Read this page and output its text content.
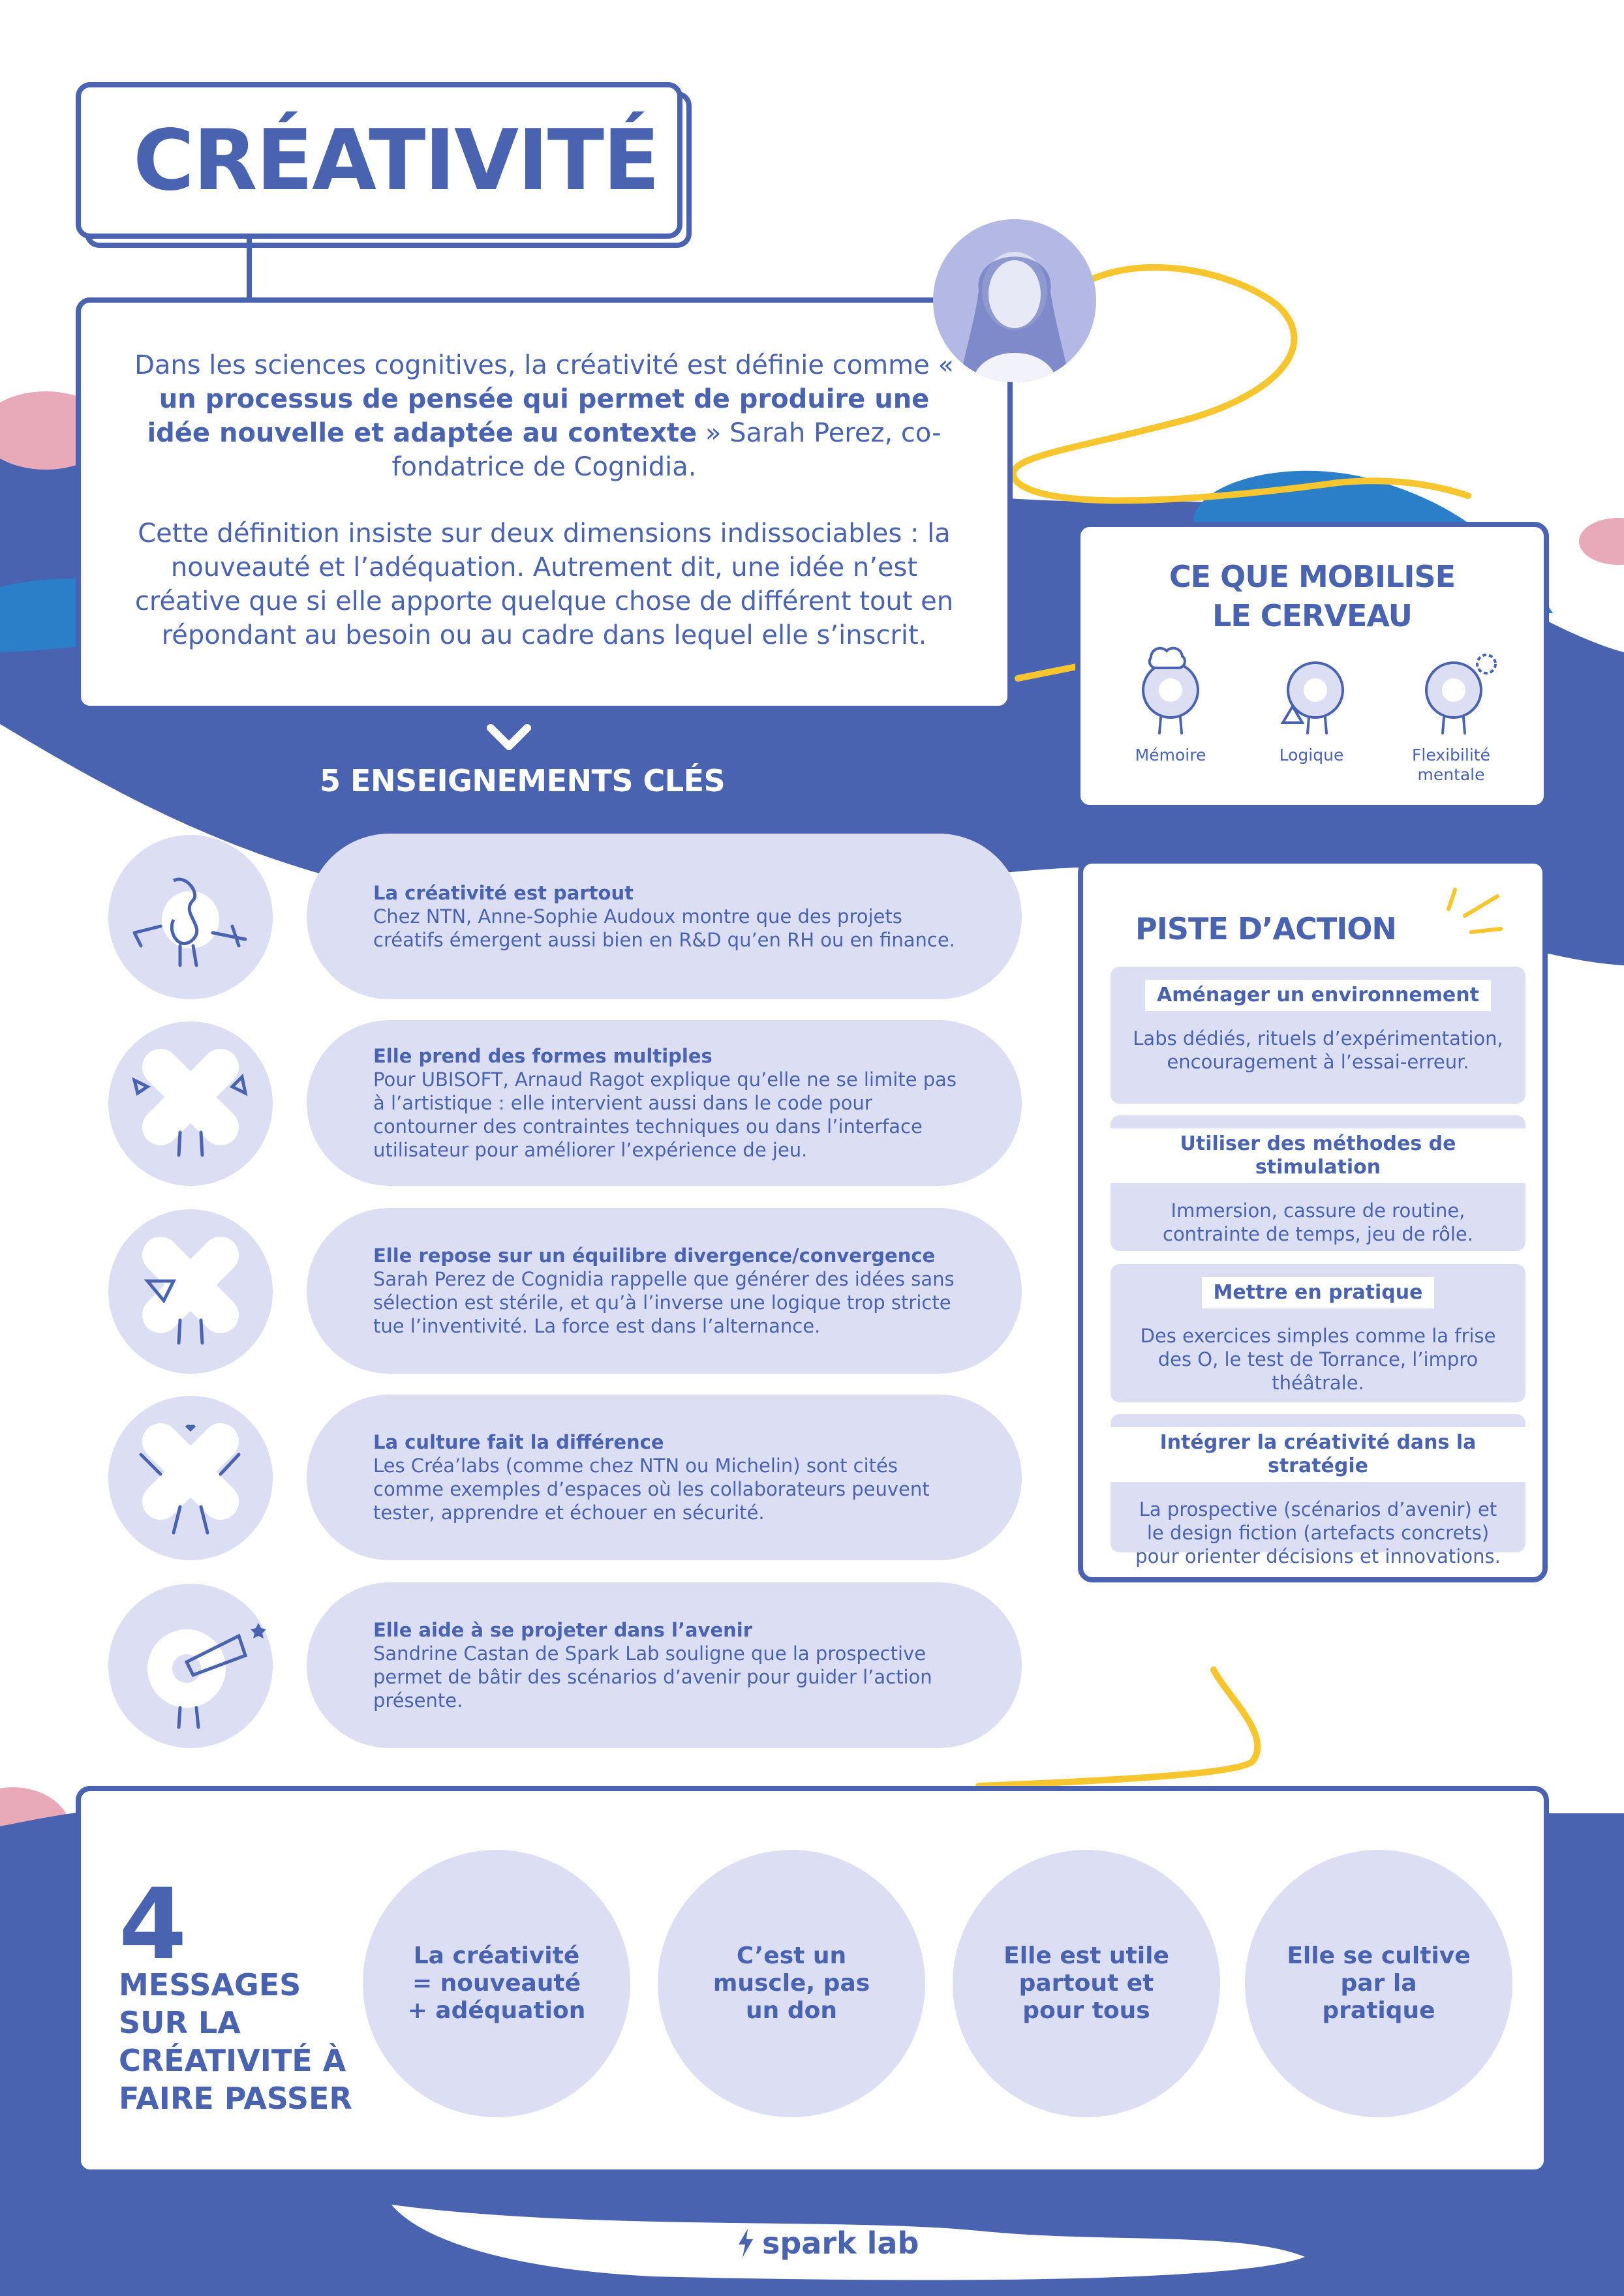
CRÉATIVITÉ

Dans les sciences cognitives, la créativité est définie comme « un processus de pensée qui permet de produire une idée nouvelle et adaptée au contexte » Sarah Perez, co-fondatrice de Cognidia.

Cette définition insiste sur deux dimensions indissociables : la nouveauté et l’adéquation. Autrement dit, une idée n’est créative que si elle apporte quelque chose de différent tout en répondant au besoin ou au cadre dans lequel elle s’inscrit.

5 ENSEIGNEMENTS CLÉS
La créativité est partout
Chez NTN, Anne-Sophie Audoux montre que des projets créatifs émergent aussi bien en R&D qu’en RH ou en finance.
Elle prend des formes multiples
Pour UBISOFT, Arnaud Ragot explique qu’elle ne se limite pas à l’artistique : elle intervient aussi dans le code pour contourner des contraintes techniques ou dans l’interface utilisateur pour améliorer l’expérience de jeu.
Elle repose sur un équilibre divergence/convergence
Sarah Perez de Cognidia rappelle que générer des idées sans sélection est stérile, et qu’à l’inverse une logique trop stricte tue l’inventivité. La force est dans l’alternance.
La culture fait la différence
Les Créa’labs (comme chez NTN ou Michelin) sont cités comme exemples d’espaces où les collaborateurs peuvent tester, apprendre et échouer en sécurité.
Elle aide à se projeter dans l’avenir
Sandrine Castan de Spark Lab souligne que la prospective permet de bâtir des scénarios d’avenir pour guider l’action présente.
CE QUE MOBILISE
LE CERVEAU
Mémoire	Logique	Flexibilité
mentale
PISTE D’ACTION
Aménager un environnement
Labs dédiés, rituels d’expérimentation, encouragement à l’essai-erreur.
Utiliser des méthodes de stimulation
Immersion, cassure de routine, contrainte de temps, jeu de rôle.
Mettre en pratique
Des exercices simples comme la frise des O, le test de Torrance, l’impro théâtrale.
Intégrer la créativité dans la stratégie
La prospective (scénarios d’avenir) et le design fiction (artefacts concrets) pour orienter décisions et innovations.
4
MESSAGES SUR LA CRÉATIVITÉ À FAIRE PASSER
La créativité = nouveauté + adéquation
C’est un muscle, pas un don
Elle est utile partout et pour tous
Elle se cultive par la pratique
spark lab
